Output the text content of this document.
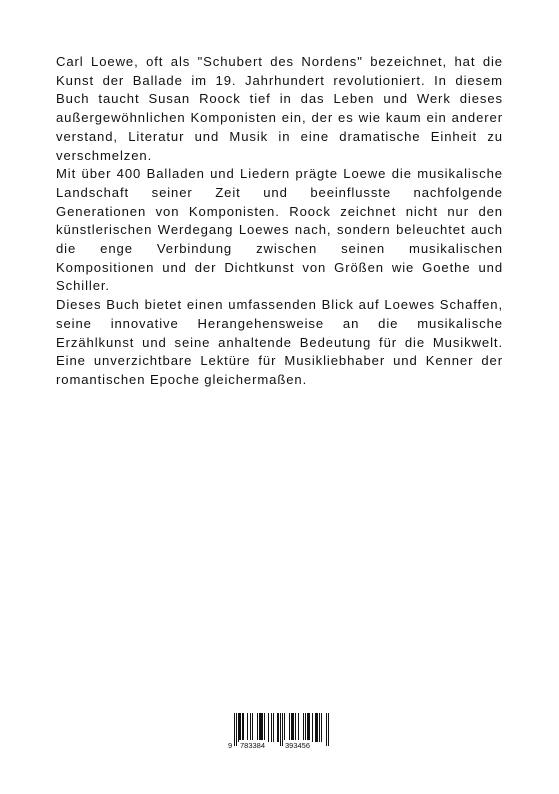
Carl Loewe, oft als "Schubert des Nordens" bezeichnet, hat die Kunst der Ballade im 19. Jahrhundert revolutioniert. In diesem Buch taucht Susan Roock tief in das Leben und Werk dieses außergewöhnlichen Komponisten ein, der es wie kaum ein anderer verstand, Literatur und Musik in eine dramatische Einheit zu verschmelzen.

Mit über 400 Balladen und Liedern prägte Loewe die musikalische Landschaft seiner Zeit und beeinflusste nachfolgende Generationen von Komponisten. Roock zeichnet nicht nur den künstlerischen Werdegang Loewes nach, sondern beleuchtet auch die enge Verbindung zwischen seinen musikalischen Kompositionen und der Dichtkunst von Größen wie Goethe und Schiller.

Dieses Buch bietet einen umfassenden Blick auf Loewes Schaffen, seine innovative Herangehensweise an die musikalische Erzählkunst und seine anhaltende Bedeutung für die Musikwelt. Eine unverzichtbare Lektüre für Musikliebhaber und Kenner der romantischen Epoche gleichermaßen.

9 783384	393456
